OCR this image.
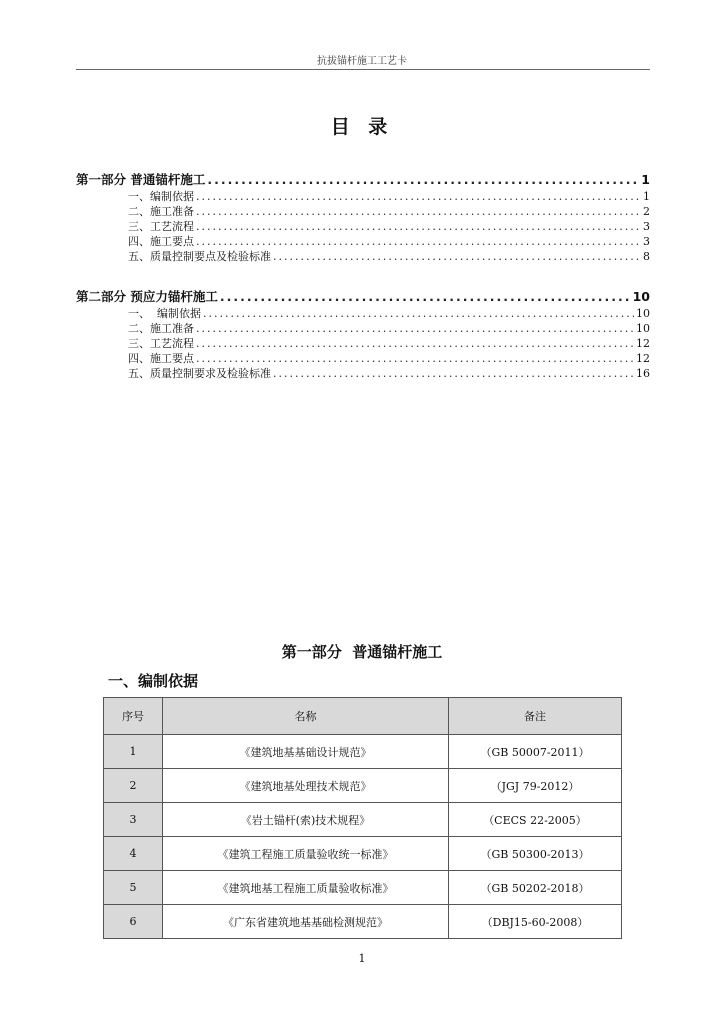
抗拔锚杆施工工艺卡
目 录
第一部分 普通锚杆施工 .....	1
一、编制依据 .....	1
二、施工准备 .....	2
三、工艺流程 .....	3
四、施工要点 .....	3
五、质量控制要点及检验标准 .....	8
第二部分 预应力锚杆施工 .....	10
一、  编制依据 .....	10
二、施工准备 .....	10
三、工艺流程 .....	12
四、施工要点 .....	12
五、质量控制要求及检验标准 .....	16
第一部分  普通锚杆施工
一、编制依据
序号	名称	备注
1	《建筑地基基础设计规范》	（GB 50007-2011）
2	《建筑地基处理技术规范》	（JGJ 79-2012）
3	《岩土锚杆(索)技术规程》	（CECS 22-2005）
4	《建筑工程施工质量验收统一标准》	（GB 50300-2013）
5	《建筑地基工程施工质量验收标准》	（GB 50202-2018）
6	《广东省建筑地基基础检测规范》	（DBJ15-60-2008）
1
